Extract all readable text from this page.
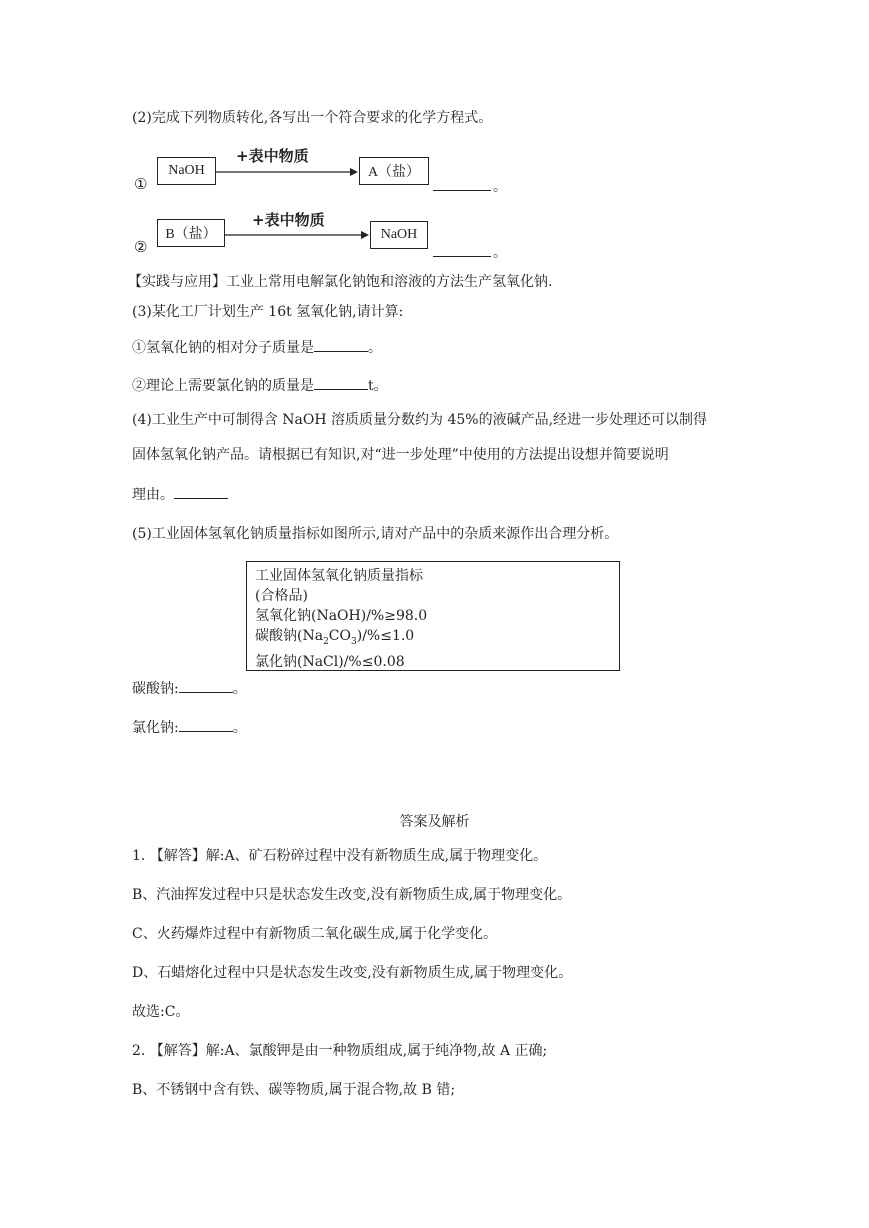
(2)完成下列物质转化,各写出一个符合要求的化学方程式。
①
NaOH
+表中物质
A（盐）
。
②
B（盐）
+表中物质
NaOH
。
【实践与应用】工业上常用电解氯化钠饱和溶液的方法生产氢氧化钠.
(3)某化工厂计划生产 16t 氢氧化钠,请计算:
①氢氧化钠的相对分子质量是	。
②理论上需要氯化钠的质量是	t。
(4)工业生产中可制得含 NaOH 溶质质量分数约为 45%的液碱产品,经进一步处理还可以制得
固体氢氧化钠产品。请根据已有知识,对“进一步处理”中使用的方法提出设想并简要说明
理由。
(5)工业固体氢氧化钠质量指标如图所示,请对产品中的杂质来源作出合理分析。
工业固体氢氧化钠质量指标
(合格品)
氢氧化钠(NaOH)/%≥98.0
碳酸钠$(Na_2CO_3)/\%\le 1.0$
氯化钠(NaCl)/%≤0.08
碳酸钠:	。
氯化钠:	。
答案及解析
1. 【解答】解:A、矿石粉碎过程中没有新物质生成,属于物理变化。
B、汽油挥发过程中只是状态发生改变,没有新物质生成,属于物理变化。
C、火药爆炸过程中有新物质二氧化碳生成,属于化学变化。
D、石蜡熔化过程中只是状态发生改变,没有新物质生成,属于物理变化。
故选:C。
2. 【解答】解:A、氯酸钾是由一种物质组成,属于纯净物,故 A 正确;
B、不锈钢中含有铁、碳等物质,属于混合物,故 B 错;
